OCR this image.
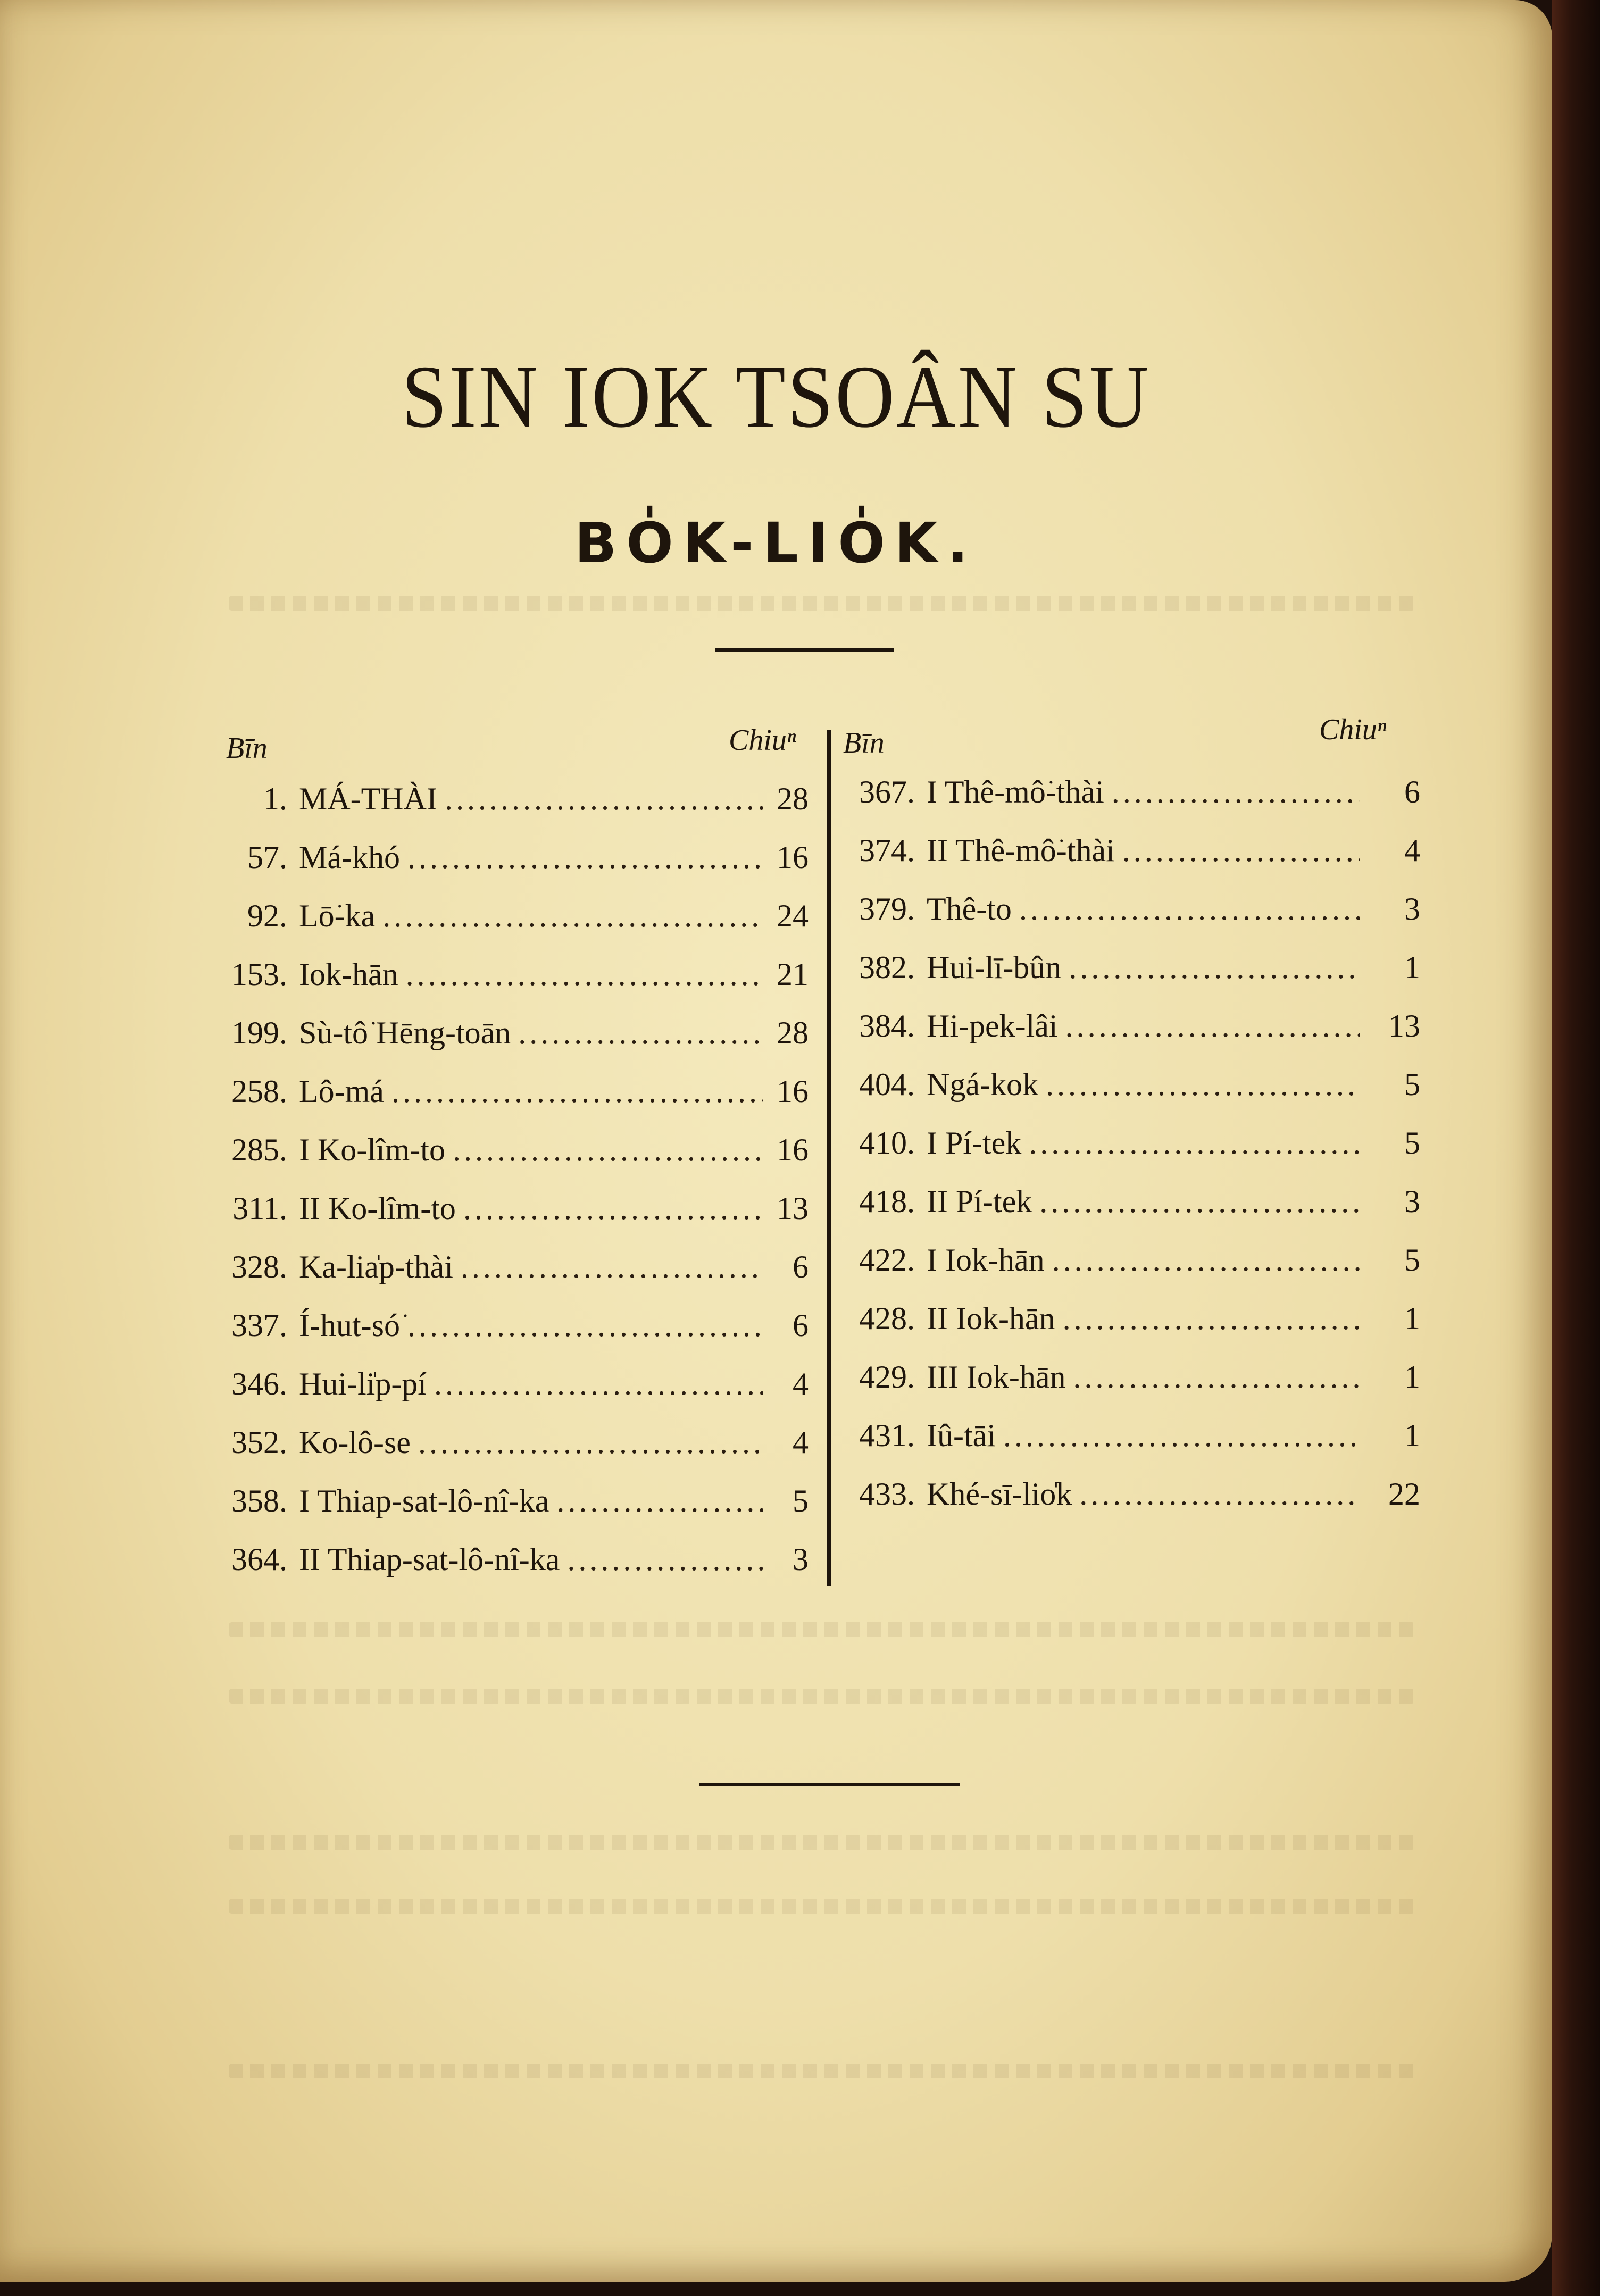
SIN IOK TSOÂN SU
BO̍K-LIO̍K.
Bīn	Chiuⁿ Bīn	Chiuⁿ
1. MÁ-THÀI .....	28
57. Má-khó .....	16
92. Lō͘-ka .....	24
153. Iok-hān .....	21
199. Sù-tô͘ Hēng-toān .....	28
258. Lô-má .....	16
285. I Ko-lîm-to .....	16
311. II Ko-lîm-to .....	13
328. Ka-lia̍p-thài .....	6
337. Í-hut-só͘ .....	6
346. Hui-li̍p-pí .....	4
352. Ko-lô-se .....	4
358. I Thiap-sat-lô-nî-ka .....	5
364. II Thiap-sat-lô-nî-ka .....	3
367. I Thê-mô͘-thài .....	6
374. II Thê-mô͘-thài .....	4
379. Thê-to .....	3
382. Hui-lī-bûn .....	1
384. Hi-pek-lâi .....	13
404. Ngá-kok .....	5
410. I Pí-tek .....	5
418. II Pí-tek .....	3
422. I Iok-hān .....	5
428. II Iok-hān .....	1
429. III Iok-hān .....	1
431. Iû-tāi .....	1
433. Khé-sī-lio̍k .....	22
